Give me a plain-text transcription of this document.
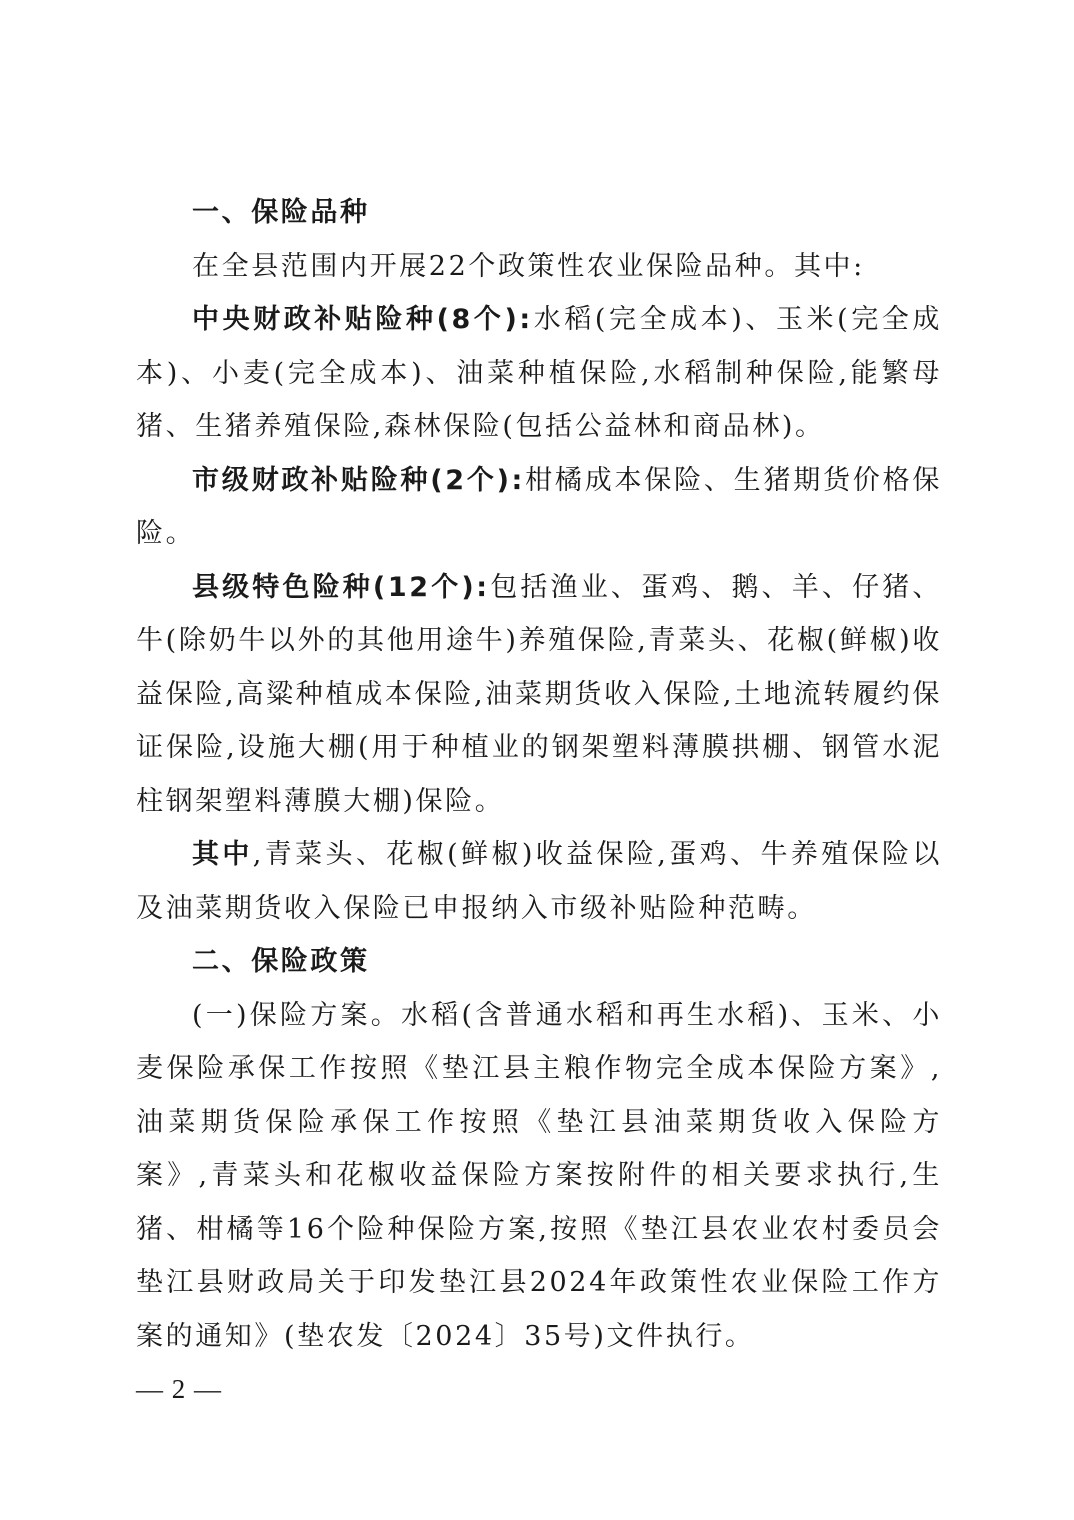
一、保险品种

在全县范围内开展22个政策性农业保险品种。其中:

中央财政补贴险种(8个):水稻(完全成本)、玉米(完全成本)、小麦(完全成本)、油菜种植保险,水稻制种保险,能繁母猪、生猪养殖保险,森林保险(包括公益林和商品林)。

市级财政补贴险种(2个):柑橘成本保险、生猪期货价格保险。

县级特色险种(12个):包括渔业、蛋鸡、鹅、羊、仔猪、牛(除奶牛以外的其他用途牛)养殖保险,青菜头、花椒(鲜椒)收益保险,高粱种植成本保险,油菜期货收入保险,土地流转履约保证保险,设施大棚(用于种植业的钢架塑料薄膜拱棚、钢管水泥柱钢架塑料薄膜大棚)保险。

其中,青菜头、花椒(鲜椒)收益保险,蛋鸡、牛养殖保险以及油菜期货收入保险已申报纳入市级补贴险种范畴。

二、保险政策

(一)保险方案。水稻(含普通水稻和再生水稻)、玉米、小麦保险承保工作按照《垫江县主粮作物完全成本保险方案》,油菜期货保险承保工作按照《垫江县油菜期货收入保险方案》,青菜头和花椒收益保险方案按附件的相关要求执行,生猪、柑橘等16个险种保险方案,按照《垫江县农业农村委员会垫江县财政局关于印发垫江县2024年政策性农业保险工作方案的通知》(垫农发〔2024〕35号)文件执行。

— 2 —
